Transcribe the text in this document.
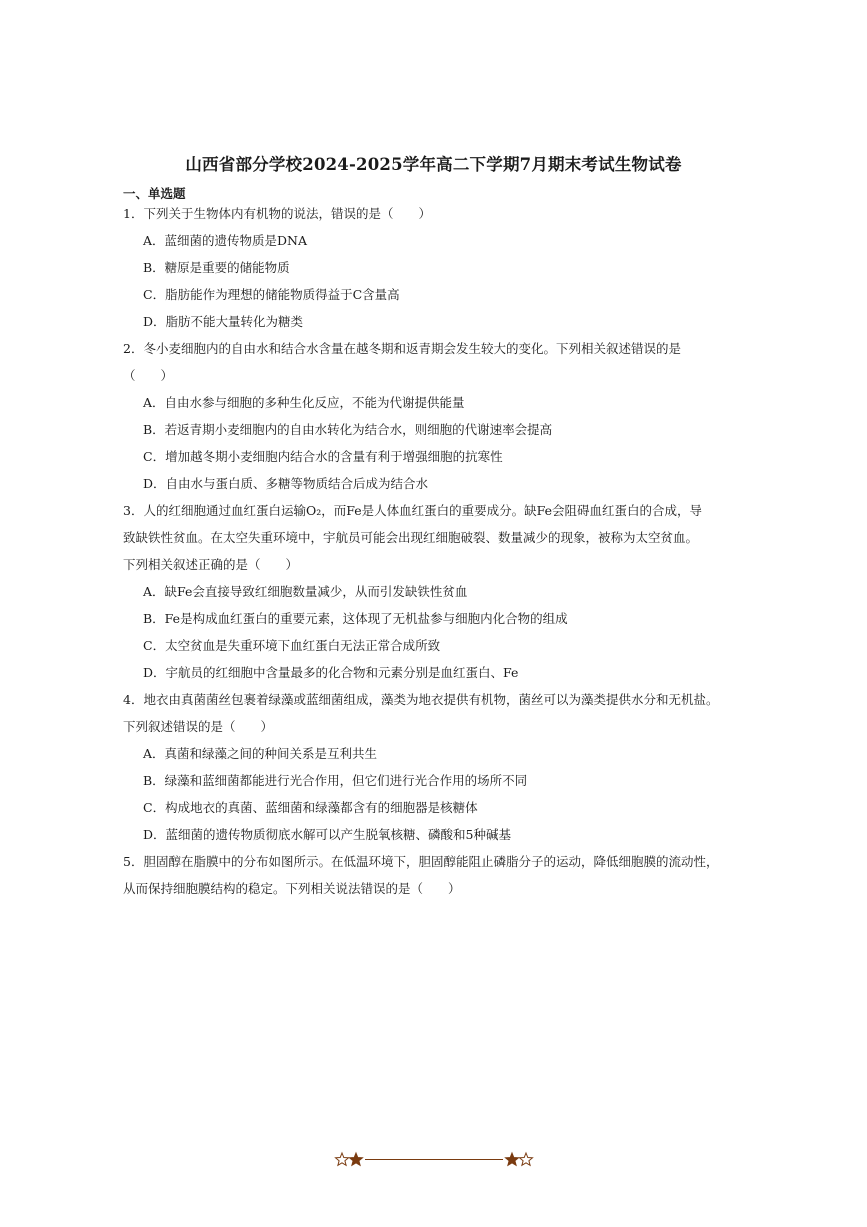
山西省部分学校2024-2025学年高二下学期7月期末考试生物试卷
一、单选题
1．下列关于生物体内有机物的说法，错误的是（　　）
A．蓝细菌的遗传物质是DNA
B．糖原是重要的储能物质
C．脂肪能作为理想的储能物质得益于C含量高
D．脂肪不能大量转化为糖类
2．冬小麦细胞内的自由水和结合水含量在越冬期和返青期会发生较大的变化。下列相关叙述错误的是
（　　）
A．自由水参与细胞的多种生化反应，不能为代谢提供能量
B．若返青期小麦细胞内的自由水转化为结合水，则细胞的代谢速率会提高
C．增加越冬期小麦细胞内结合水的含量有利于增强细胞的抗寒性
D．自由水与蛋白质、多糖等物质结合后成为结合水
3．人的红细胞通过血红蛋白运输O₂，而Fe是人体血红蛋白的重要成分。缺Fe会阻碍血红蛋白的合成，导
致缺铁性贫血。在太空失重环境中，宇航员可能会出现红细胞破裂、数量减少的现象，被称为太空贫血。
下列相关叙述正确的是（　　）
A．缺Fe会直接导致红细胞数量减少，从而引发缺铁性贫血
B．Fe是构成血红蛋白的重要元素，这体现了无机盐参与细胞内化合物的组成
C．太空贫血是失重环境下血红蛋白无法正常合成所致
D．宇航员的红细胞中含量最多的化合物和元素分别是血红蛋白、Fe
4．地衣由真菌菌丝包裹着绿藻或蓝细菌组成，藻类为地衣提供有机物，菌丝可以为藻类提供水分和无机盐。
下列叙述错误的是（　　）
A．真菌和绿藻之间的种间关系是互利共生
B．绿藻和蓝细菌都能进行光合作用，但它们进行光合作用的场所不同
C．构成地衣的真菌、蓝细菌和绿藻都含有的细胞器是核糖体
D．蓝细菌的遗传物质彻底水解可以产生脱氧核糖、磷酸和5种碱基
5．胆固醇在脂膜中的分布如图所示。在低温环境下，胆固醇能阻止磷脂分子的运动，降低细胞膜的流动性，
从而保持细胞膜结构的稳定。下列相关说法错误的是（　　）
